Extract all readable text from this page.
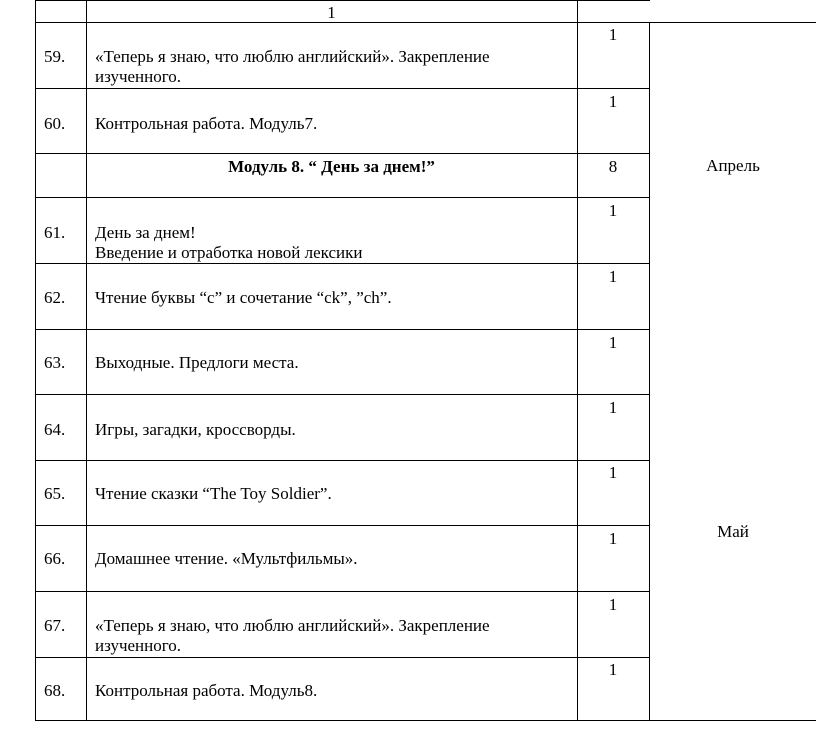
1
59. «Теперь я знаю, что люблю английский». Закрепление
изученного.
1
60. Контрольная работа. Модуль7.
1
Модуль 8. “ День за днем!”	8	Апрель
Май
61. День за днем!
Введение и отработка новой лексики
1
62. Чтение буквы “c” и сочетание “ck”, ”ch”.
1
63. Выходные. Предлоги места.
1
64. Игры, загадки, кроссворды.
1
65. Чтение сказки “The Toy Soldier”.
1
66. Домашнее чтение. «Мультфильмы».
1
67. «Теперь я знаю, что люблю английский». Закрепление
изученного.
1
68. Контрольная работа. Модуль8.
1
